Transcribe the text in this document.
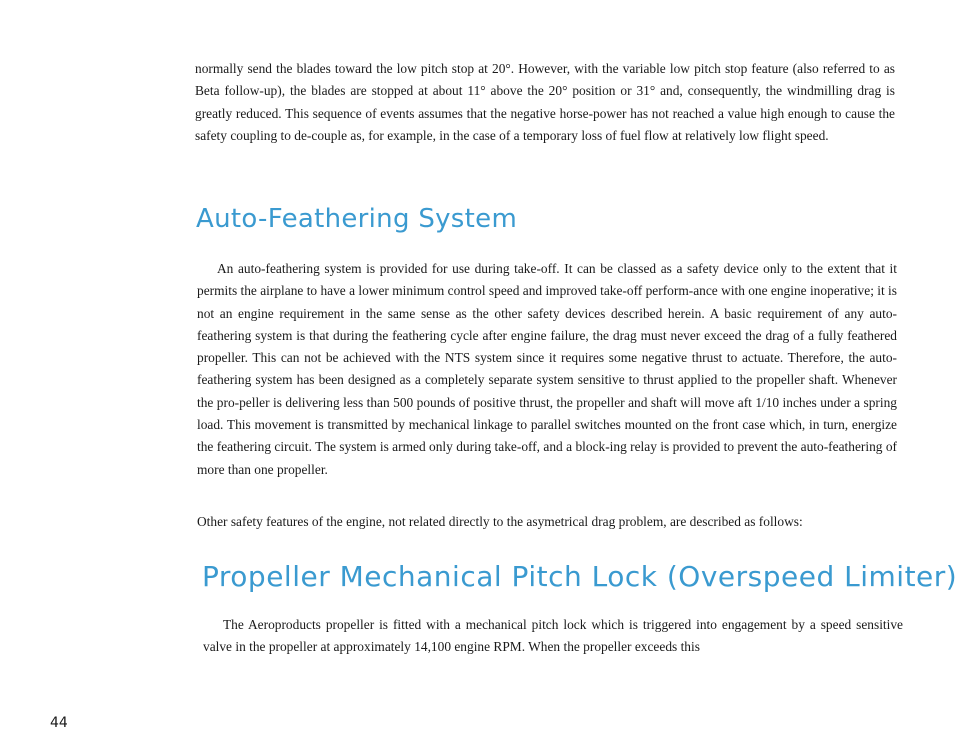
normally send the blades toward the low pitch stop at 20°. However, with the variable low pitch stop feature (also referred to as Beta follow-up), the blades are stopped at about 11° above the 20° position or 31° and, consequently, the windmilling drag is greatly reduced. This sequence of events assumes that the negative horse-power has not reached a value high enough to cause the safety coupling to de-couple as, for example, in the case of a temporary loss of fuel flow at relatively low flight speed.

Auto-Feathering System

An auto-feathering system is provided for use during take-off. It can be classed as a safety device only to the extent that it permits the airplane to have a lower minimum control speed and improved take-off perform-ance with one engine inoperative; it is not an engine requirement in the same sense as the other safety devices described herein. A basic requirement of any auto-feathering system is that during the feathering cycle after engine failure, the drag must never exceed the drag of a fully feathered propeller. This can not be achieved with the NTS system since it requires some negative thrust to actuate. Therefore, the auto-feathering system has been designed as a completely separate system sensitive to thrust applied to the propeller shaft. Whenever the pro-peller is delivering less than 500 pounds of positive thrust, the propeller and shaft will move aft 1/10 inches under a spring load. This movement is transmitted by mechanical linkage to parallel switches mounted on the front case which, in turn, energize the feathering circuit. The system is armed only during take-off, and a block-ing relay is provided to prevent the auto-feathering of more than one propeller.

Other safety features of the engine, not related directly to the asymetrical drag problem, are described as follows:

Propeller Mechanical Pitch Lock (Overspeed Limiter)

The Aeroproducts propeller is fitted with a mechanical pitch lock which is triggered into engagement by a speed sensitive valve in the propeller at approximately 14,100 engine RPM. When the propeller exceeds this

44
